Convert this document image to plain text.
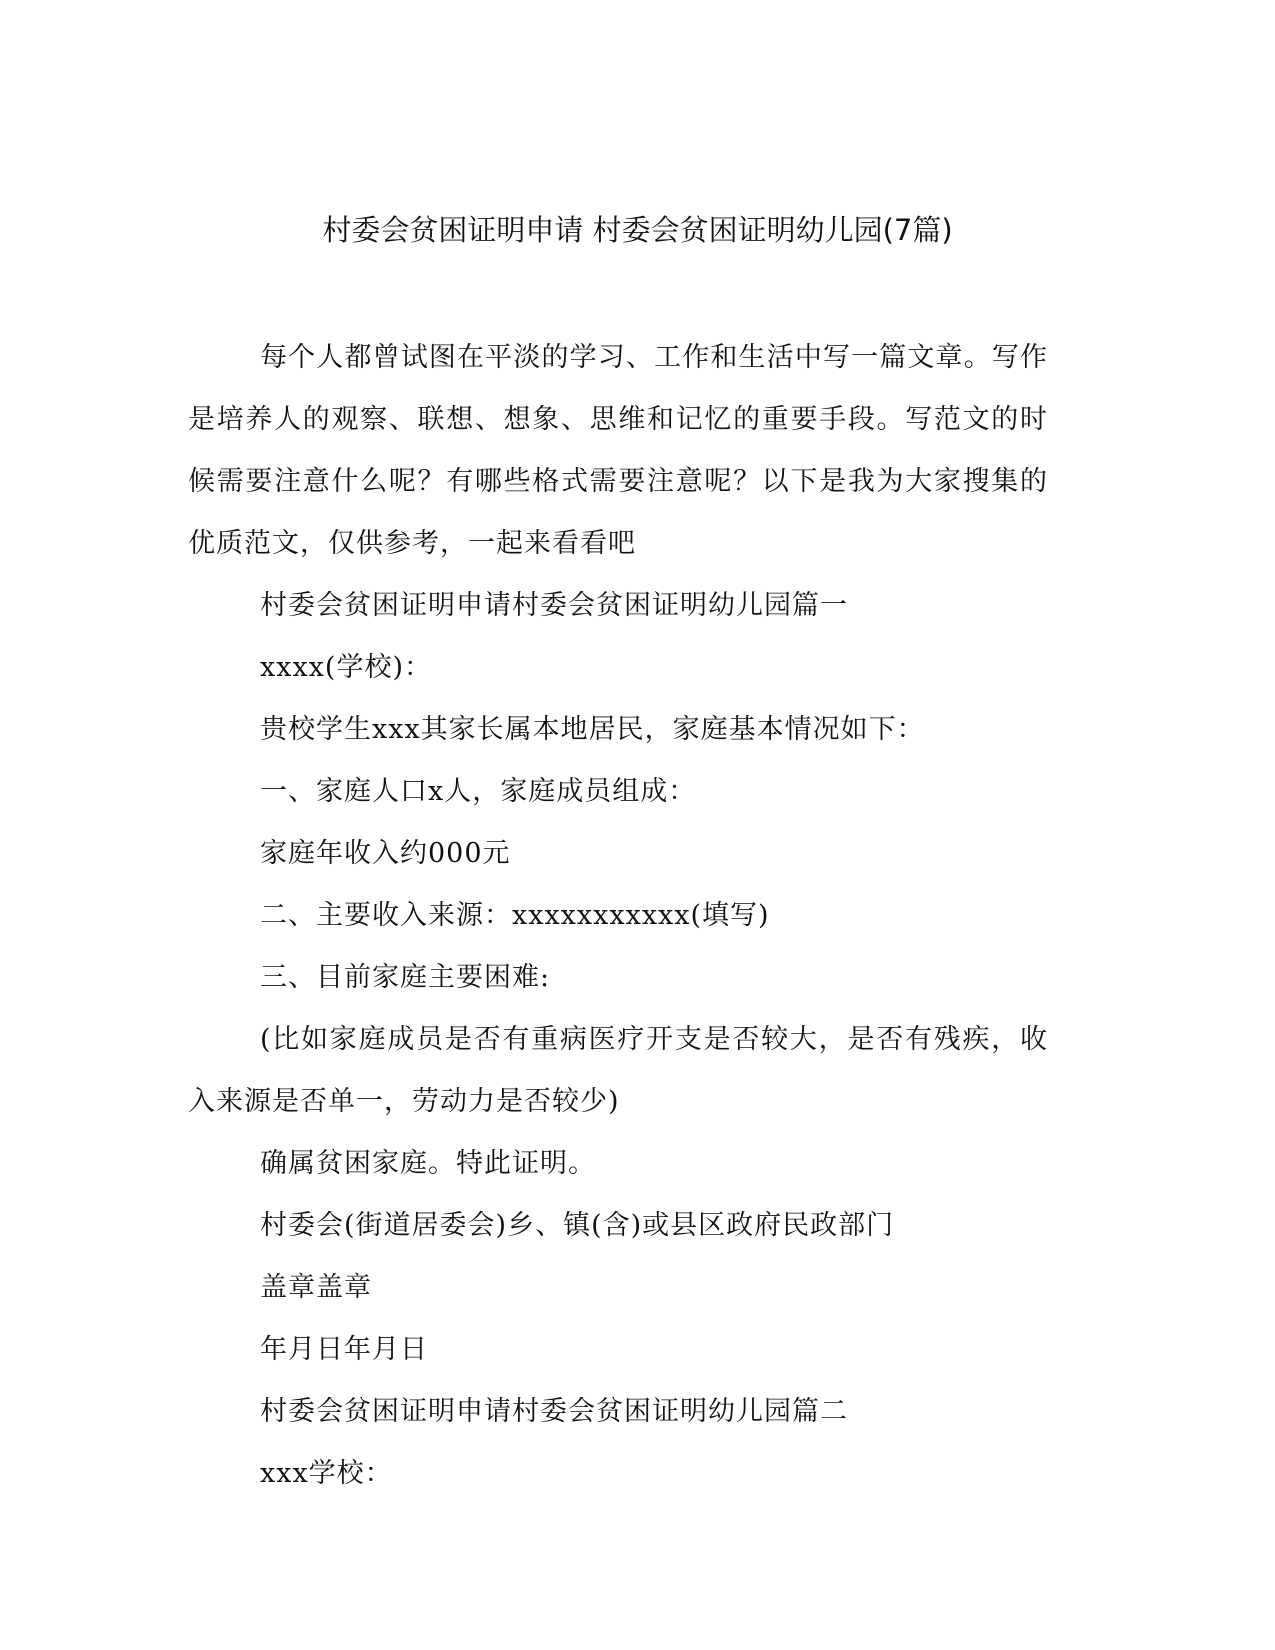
村委会贫困证明申请 村委会贫困证明幼儿园(7篇)

每个人都曾试图在平淡的学习、工作和生活中写一篇文章。写作是培养人的观察、联想、想象、思维和记忆的重要手段。写范文的时候需要注意什么呢？有哪些格式需要注意呢？以下是我为大家搜集的优质范文，仅供参考，一起来看看吧

村委会贫困证明申请村委会贫困证明幼儿园篇一

xxxx(学校)：

贵校学生xxx其家长属本地居民，家庭基本情况如下：

一、家庭人口x人，家庭成员组成：

家庭年收入约000元

二、主要收入来源：xxxxxxxxxxx(填写)

三、目前家庭主要困难:

(比如家庭成员是否有重病医疗开支是否较大，是否有残疾，收入来源是否单一，劳动力是否较少)

确属贫困家庭。特此证明。

村委会(街道居委会)乡、镇(含)或县区政府民政部门

盖章盖章

年月日年月日

村委会贫困证明申请村委会贫困证明幼儿园篇二

xxx学校：
